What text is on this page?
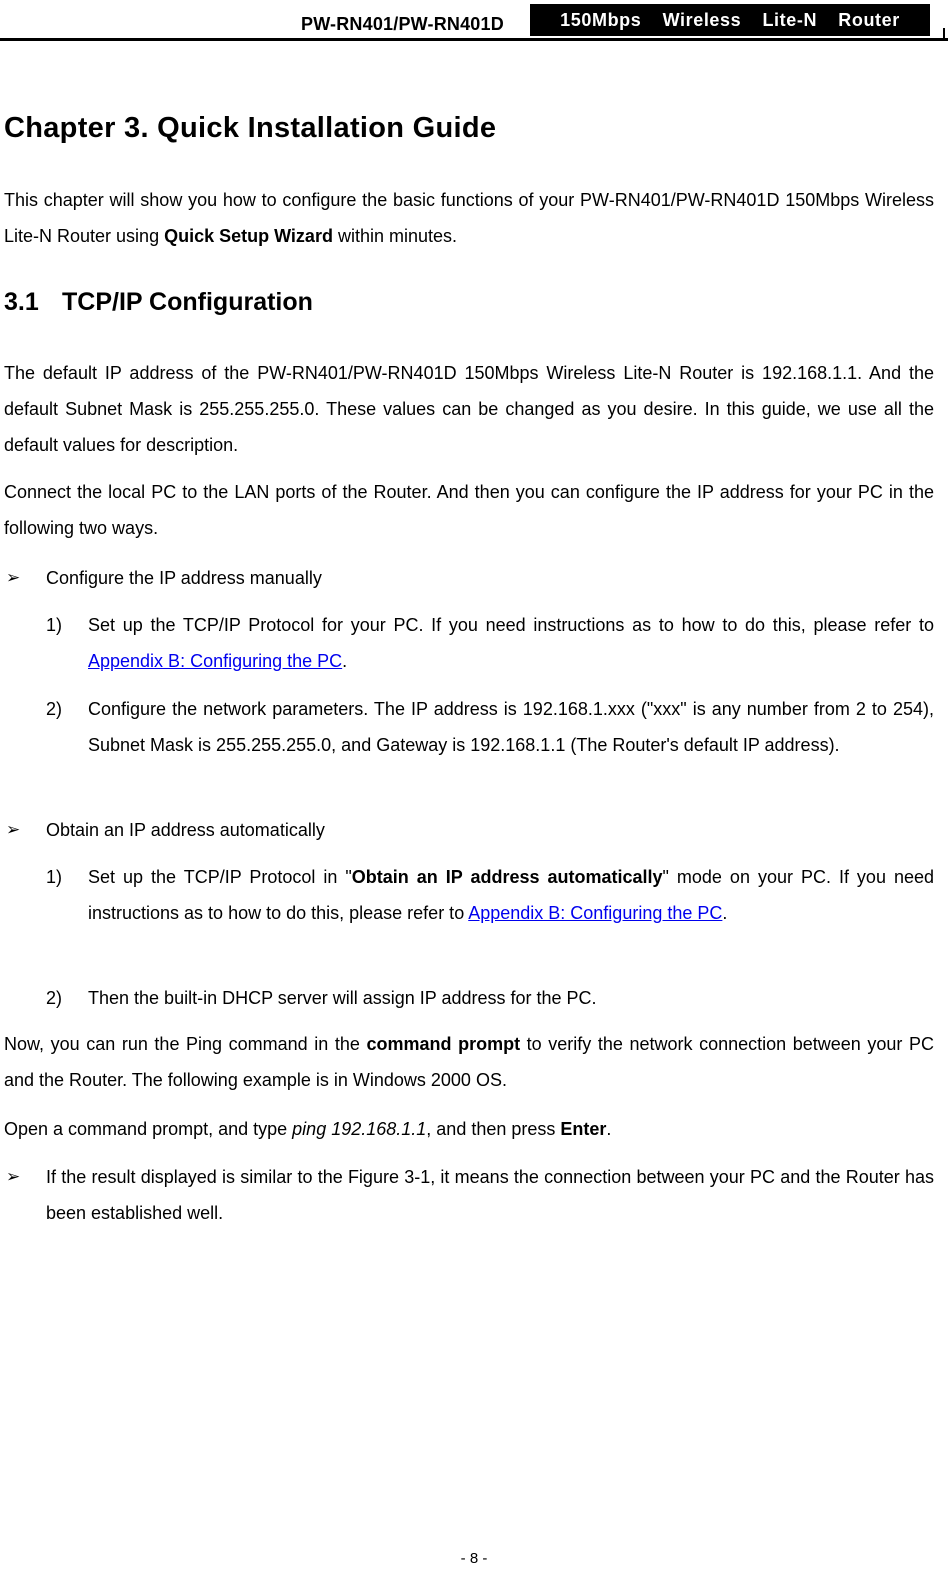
PW-RN401/PW-RN401D	150Mbps  Wireless  Lite-N  Router
Chapter 3. Quick Installation Guide
This chapter will show you how to configure the basic functions of your PW-RN401/PW-RN401D 150Mbps Wireless Lite-N Router using Quick Setup Wizard within minutes.
3.1 TCP/IP Configuration
The default IP address of the PW-RN401/PW-RN401D 150Mbps Wireless Lite-N Router is 192.168.1.1. And the default Subnet Mask is 255.255.255.0. These values can be changed as you desire. In this guide, we use all the default values for description.
Connect the local PC to the LAN ports of the Router. And then you can configure the IP address for your PC in the following two ways.
➢ Configure the IP address manually
1) Set up the TCP/IP Protocol for your PC. If you need instructions as to how to do this, please refer to Appendix B: Configuring the PC.
2) Configure the network parameters. The IP address is 192.168.1.xxx ("xxx" is any number from 2 to 254), Subnet Mask is 255.255.255.0, and Gateway is 192.168.1.1 (The Router's default IP address).
➢ Obtain an IP address automatically
1) Set up the TCP/IP Protocol in "Obtain an IP address automatically" mode on your PC. If you need instructions as to how to do this, please refer to Appendix B: Configuring the PC.
2) Then the built-in DHCP server will assign IP address for the PC.
Now, you can run the Ping command in the command prompt to verify the network connection between your PC and the Router. The following example is in Windows 2000 OS.
Open a command prompt, and type ping 192.168.1.1, and then press Enter.
➢ If the result displayed is similar to the Figure 3-1, it means the connection between your PC and the Router has been established well.
- 8 -
